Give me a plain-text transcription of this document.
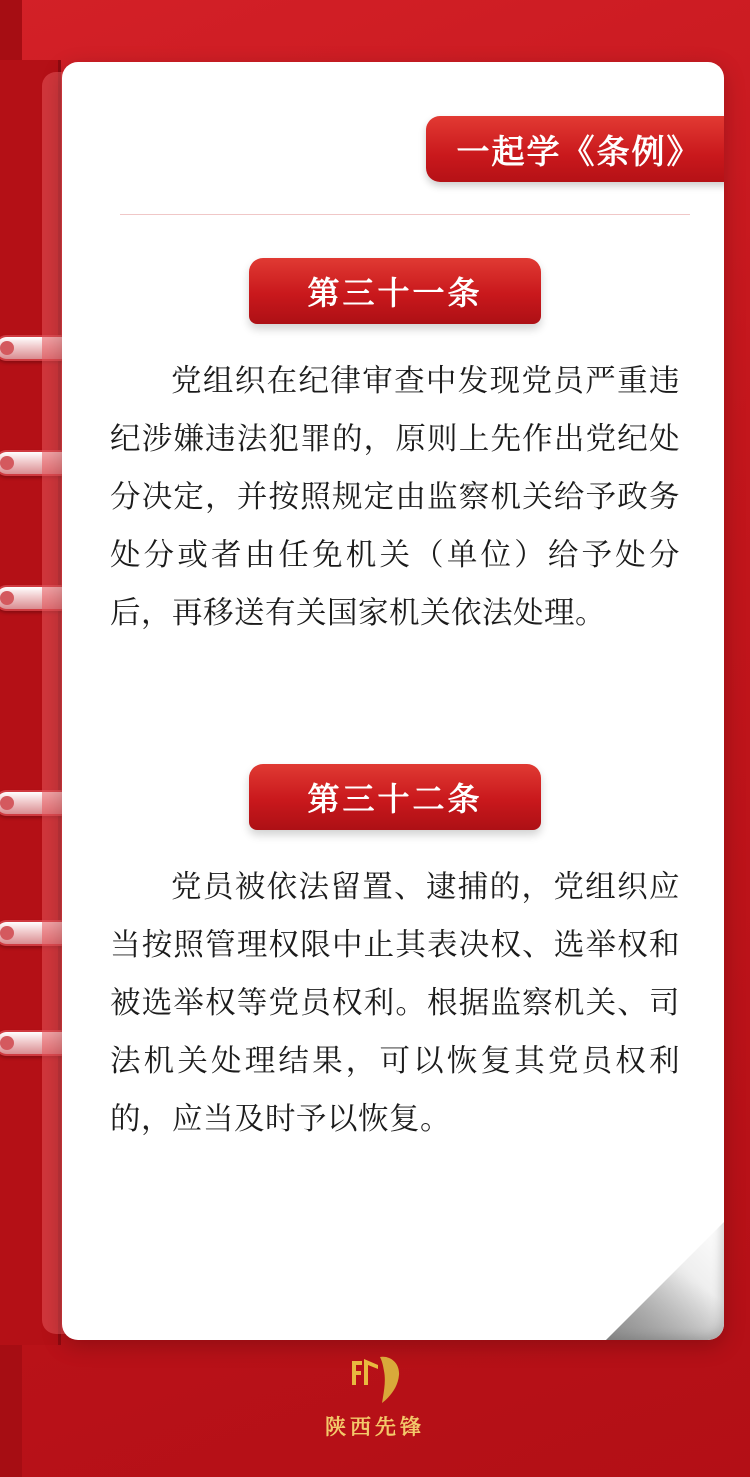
一起学《条例》
第三十一条

党组织在纪律审查中发现党员严重违纪涉嫌违法犯罪的，原则上先作出党纪处分决定，并按照规定由监察机关给予政务处分或者由任免机关（单位）给予处分后，再移送有关国家机关依法处理。

第三十二条

党员被依法留置、逮捕的，党组织应当按照管理权限中止其表决权、选举权和被选举权等党员权利。根据监察机关、司法机关处理结果，可以恢复其党员权利的，应当及时予以恢复。

陕西先锋
